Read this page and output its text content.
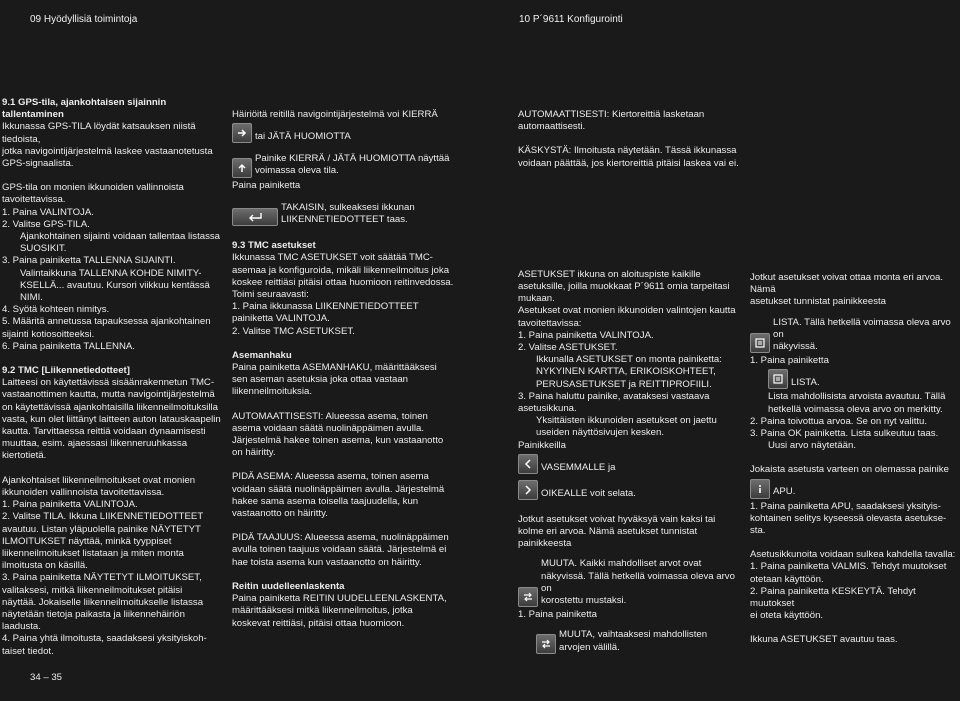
09 Hyödyllisiä toimintoja	10 P´9611 Konfigurointi

9.1 GPS-tila, ajankohtaisen sijainnin tallentaminen

Ikkunassa GPS-TILA löydät katsauksen niistä tiedoista,
jotka navigointijärjestelmä laskee vastaanotetusta
GPS-signaalista.

GPS-tila on monien ikkunoiden vallinnoista
tavoitettavissa.

1. Paina VALINTOJA.

2. Valitse GPS-TILA.

Ajankohtainen sijainti voidaan tallentaa listassa
SUOSIKIT.

3. Paina painiketta TALLENNA SIJAINTI.

Valintaikkuna TALLENNA KOHDE NIMITY-
KSELLÄ... avautuu. Kursori viikkuu kentässä
NIMI.

4. Syötä kohteen nimitys.

5. Määritä annetussa tapauksessa ajankohtainen
sijainti kotiosoitteeksi.

6. Paina painiketta TALLENNA.

9.2 TMC [Liikennetiedotteet]

Laitteesi on käytettävissä sisäänrakennetun TMC-
vastaanottimen kautta, mutta navigointijärjestelmä
on käytettävissä ajankohtaisilla liikenneilmoituksilla
vasta, kun olet liittänyt laitteen auton latauskaapelin
kautta. Tarvittaessa reittiä voidaan dynaamisesti
muuttaa, esim. ajaessasi liikenneruuhkassa kiertotietä.

Ajankohtaiset liikenneilmoitukset ovat monien
ikkunoiden vallinnoista tavoitettavissa.

1. Paina painiketta VALINTOJA.

2. Valitse TILA. Ikkuna LIIKENNETIEDOTTEET
avautuu. Listan yläpuolella painike NÄYTETYT
ILMOITUKSET näyttää, minkä tyyppiset
liikenneilmoitukset listataan ja miten monta
ilmoitusta on käsillä.

3. Paina painiketta NÄYTETYT ILMOITUKSET,
valitaksesi, mitkä liikenneilmoitukset pitäisi
näyttää. Jokaiselle liikenneilmoitukselle listassa
näytetään tietoja paikasta ja liikennehäiriön
laadusta.

4. Paina yhtä ilmoitusta, saadaksesi yksityiskoh-
taiset tiedot.

Häiriöitä reitillä navigointijärjestelmä voi KIERRÄ

tai JÄTÄ HUOMIOTTA

Painike KIERRÄ / JÄTÄ HUOMIOTTA näyttää
voimassa oleva tila.

Paina painiketta

TAKAISIN, sulkeaksesi ikkunan
LIIKENNETIEDOTTEET taas.

9.3 TMC asetukset

Ikkunassa TMC ASETUKSET voit säätää TMC-
asemaa ja konfiguroida, mikäli liikenneilmoitus joka
koskee reittiäsi pitäisi ottaa huomioon reitinvedossa.
Toimi seuraavasti:

1. Paina ikkunassa LIIKENNETIEDOTTEET
painiketta VALINTOJA.

2. Valitse TMC ASETUKSET.

Asemanhaku

Paina painiketta ASEMANHAKU, määrittääksesi
sen aseman asetuksia joka ottaa vastaan
liikenneilmoituksia.

AUTOMAATTISESTI: Alueessa asema, toinen
asema voidaan säätä nuolinäppäimen avulla.
Järjestelmä hakee toinen asema, kun vastaanotto
on häiritty.

PIDÄ ASEMA: Alueessa asema, toinen asema
voidaan säätä nuolinäppäimen avulla. Järjestelmä
hakee sama asema toisella taajuudella, kun
vastaanotto on häiritty.

PIDÄ TAAJUUS: Alueessa asema, nuolinäppäimen
avulla toinen taajuus voidaan säätä. Järjestelmä ei
hae toista asema kun vastaanotto on häiritty.

Reitin uudelleenlaskenta

Paina painiketta REITIN UUDELLEENLASKENTA,
määrittääksesi mitkä liikenneilmoitus, jotka
koskevat reittiäsi, pitäisi ottaa huomioon.

AUTOMAATTISESTI: Kiertoreittiä lasketaan
automaattisesti.

KÄSKYSTÄ: Ilmoitusta näytetään. Tässä ikkunassa
voidaan päättää, jos kiertoreittiä pitäisi laskea vai ei.

ASETUKSET ikkuna on aloituspiste kaikille
asetuksille, joilla muokkaat P´9611 omia tarpeitasi
mukaan.
Asetukset ovat monien ikkunoiden valintojen kautta
tavoitettavissa:

1. Paina painiketta VALINTOJA.

2. Valitse ASETUKSET.

Ikkunalla ASETUKSET on monta painiketta:
NYKYINEN KARTTA, ERIKOISKOHTEET,
PERUSASETUKSET ja REITTIPROFIILI.

3. Paina haluttu painike, avataksesi vastaava
asetusikkuna.

Yksittäisten ikkunoiden asetukset on jaettu
useiden näyttösivujen kesken.

Painikkeilla

VASEMMALLE ja

OIKEALLE voit selata.

Jotkut asetukset voivat hyväksyä vain kaksi tai
kolme eri arvoa. Nämä asetukset tunnistat
painikkeesta

MUUTA. Kaikki mahdolliset arvot ovat
näkyvissä. Tällä hetkellä voimassa oleva arvo on
korostettu mustaksi.

1. Paina painiketta

MUUTA, vaihtaaksesi mahdollisten
arvojen välillä.

Jotkut asetukset voivat ottaa monta eri arvoa. Nämä
asetukset tunnistat painikkeesta

LISTA. Tällä hetkellä voimassa oleva arvo on
näkyvissä.

1. Paina painiketta

LISTA.

Lista mahdollisista arvoista avautuu. Tällä
hetkellä voimassa oleva arvo on merkitty.

2. Paina toivottua arvoa. Se on nyt valittu.

3. Paina OK painiketta. Lista sulkeutuu taas.

Uusi arvo näytetään.

Jokaista asetusta varteen on olemassa painike

APU.

1. Paina painiketta APU, saadaksesi yksityis-
kohtainen selitys kyseessä olevasta asetukse-
sta.

Asetusikkunoita voidaan sulkea kahdella tavalla:

1. Paina painiketta VALMIS. Tehdyt muutokset
otetaan käyttöön.

2. Paina painiketta KESKEYTÄ. Tehdyt muutokset
ei oteta käyttöön.

Ikkuna ASETUKSET avautuu taas.

34 – 35
